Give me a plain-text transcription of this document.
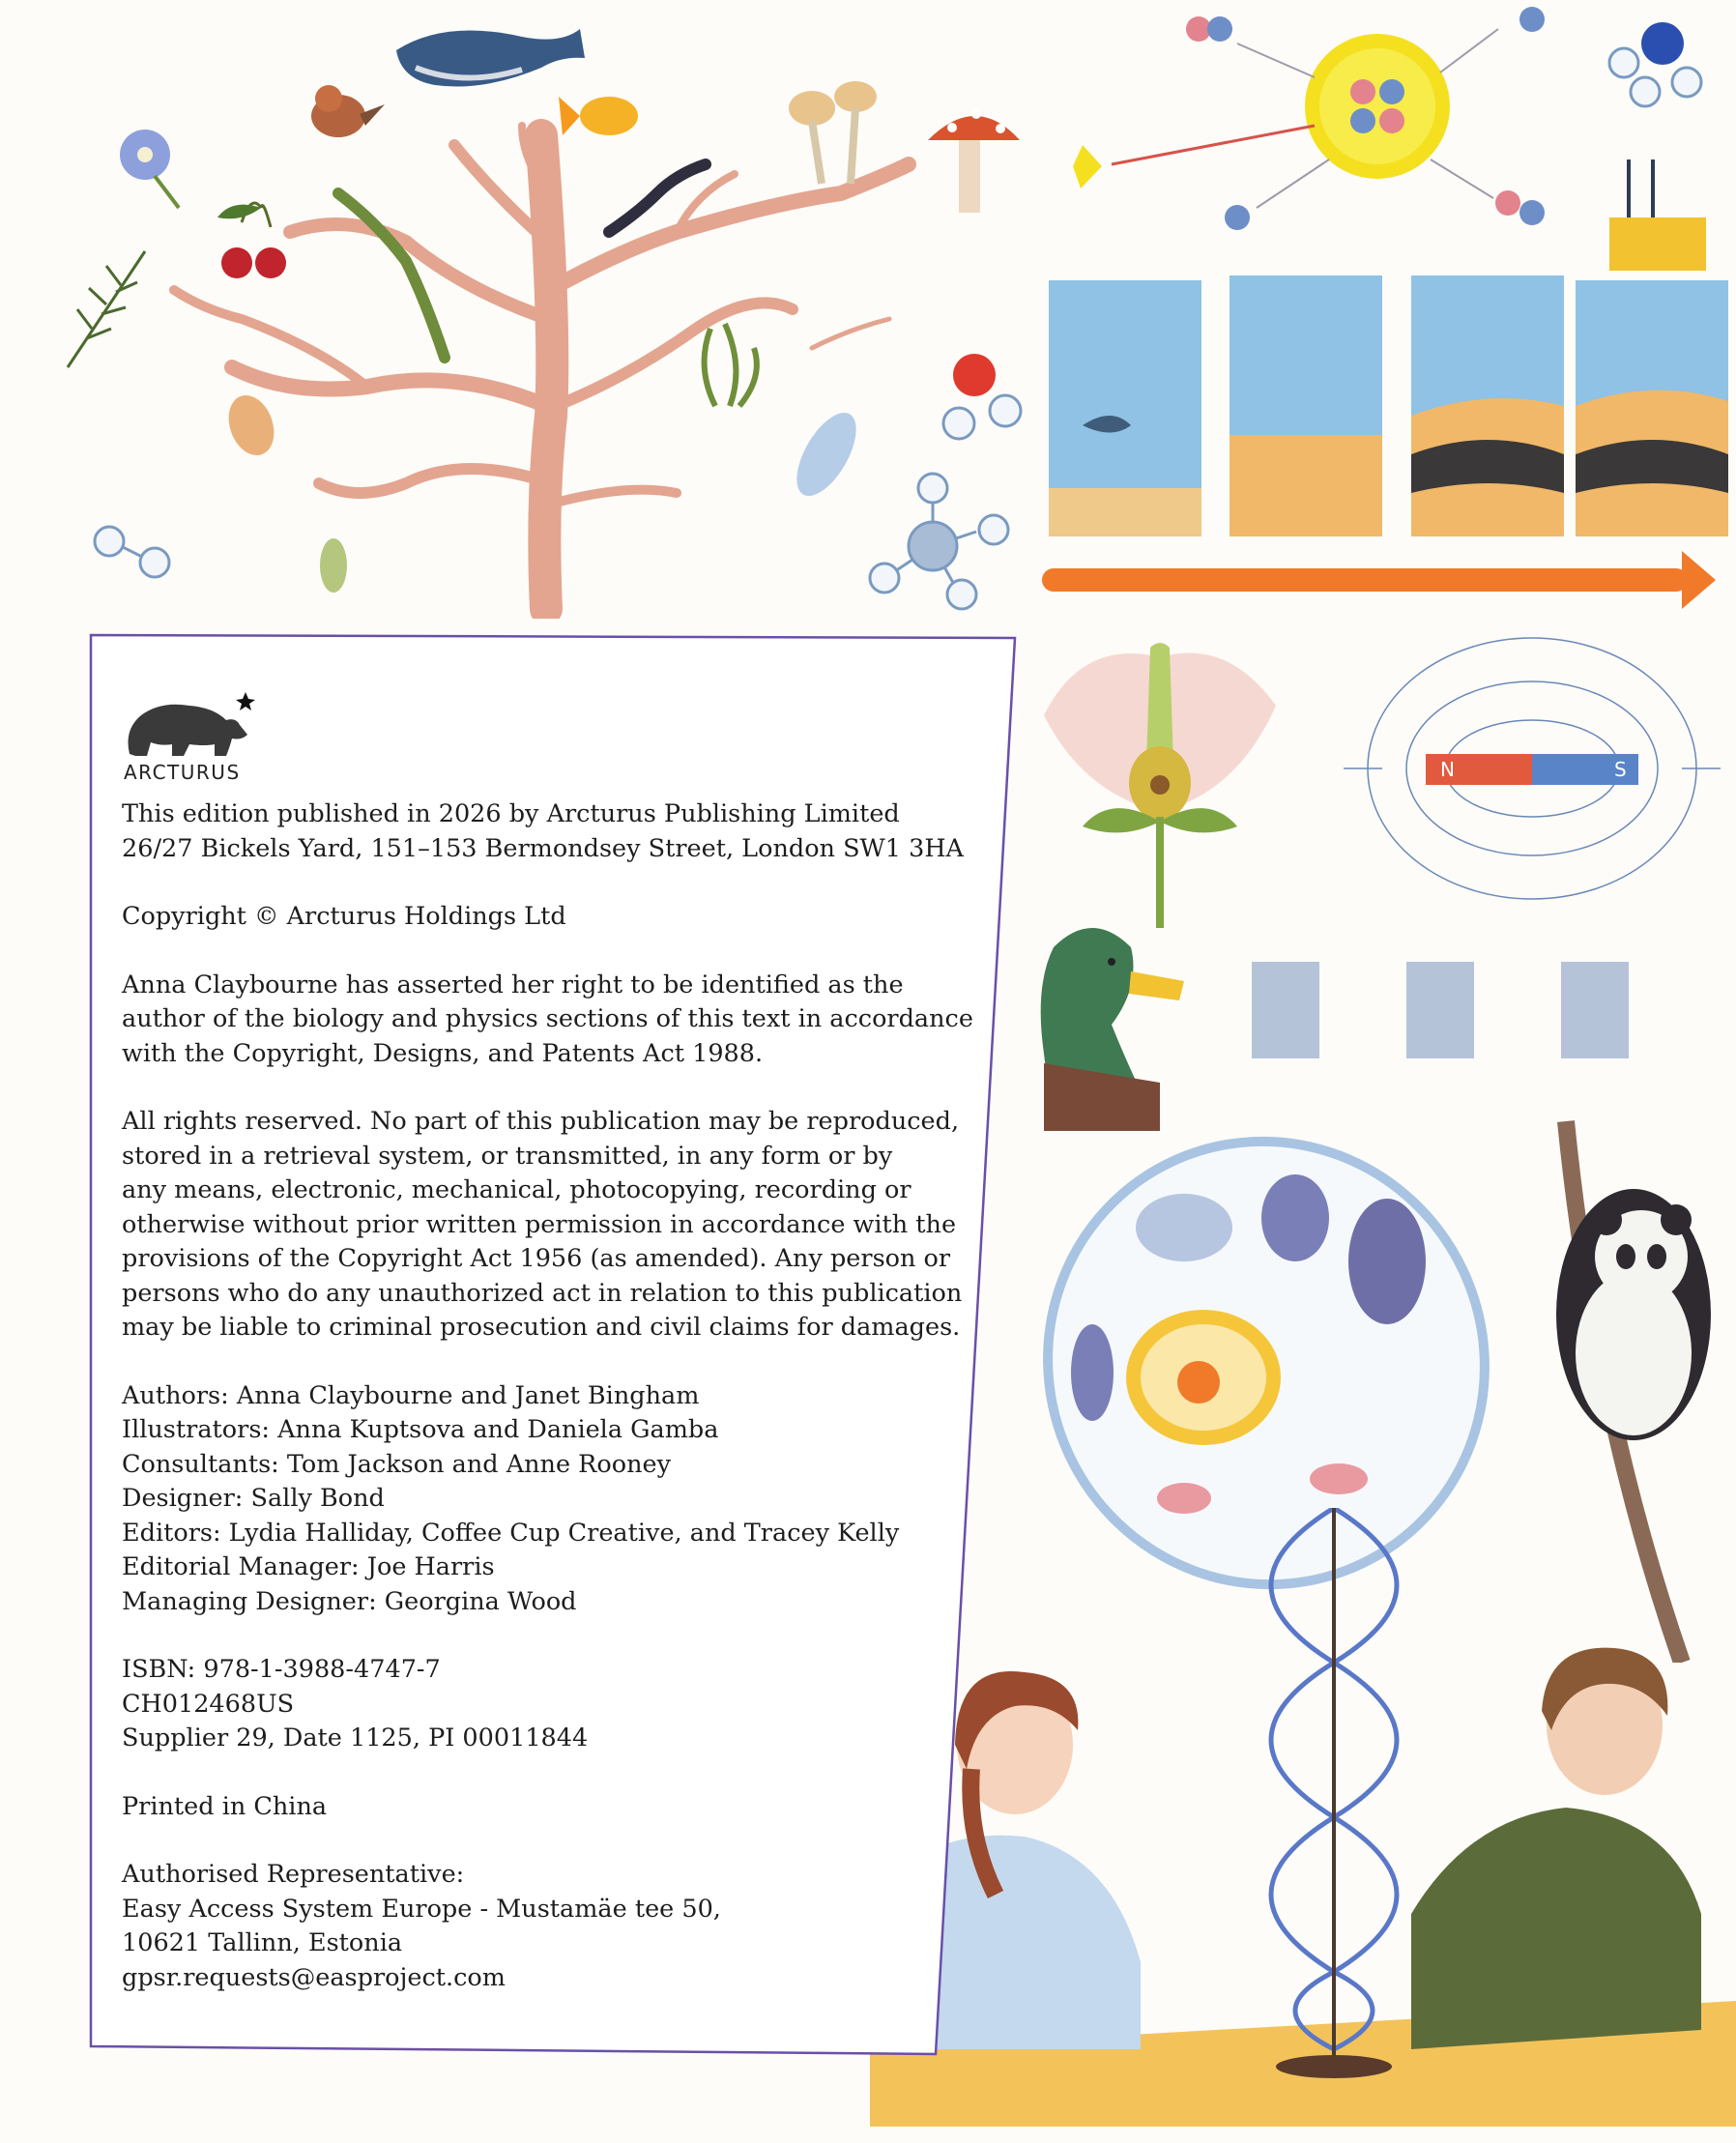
N	S
ARCTURUS

This edition published in 2026 by Arcturus Publishing Limited
26/27 Bickels Yard, 151–153 Bermondsey Street, London SW1 3HA

Copyright © Arcturus Holdings Ltd

Anna Claybourne has asserted her right to be identified as the
author of the biology and physics sections of this text in accordance
with the Copyright, Designs, and Patents Act 1988.

All rights reserved. No part of this publication may be reproduced,
stored in a retrieval system, or transmitted, in any form or by
any means, electronic, mechanical, photocopying, recording or
otherwise without prior written permission in accordance with the
provisions of the Copyright Act 1956 (as amended). Any person or
persons who do any unauthorized act in relation to this publication
may be liable to criminal prosecution and civil claims for damages.

Authors: Anna Claybourne and Janet Bingham
Illustrators: Anna Kuptsova and Daniela Gamba
Consultants: Tom Jackson and Anne Rooney
Designer: Sally Bond
Editors: Lydia Halliday, Coffee Cup Creative, and Tracey Kelly
Editorial Manager: Joe Harris
Managing Designer: Georgina Wood

ISBN: 978-1-3988-4747-7
CH012468US
Supplier 29, Date 1125, PI 00011844

Printed in China

Authorised Representative:
Easy Access System Europe - Mustamäe tee 50,
10621 Tallinn, Estonia
gpsr.requests@easproject.com
